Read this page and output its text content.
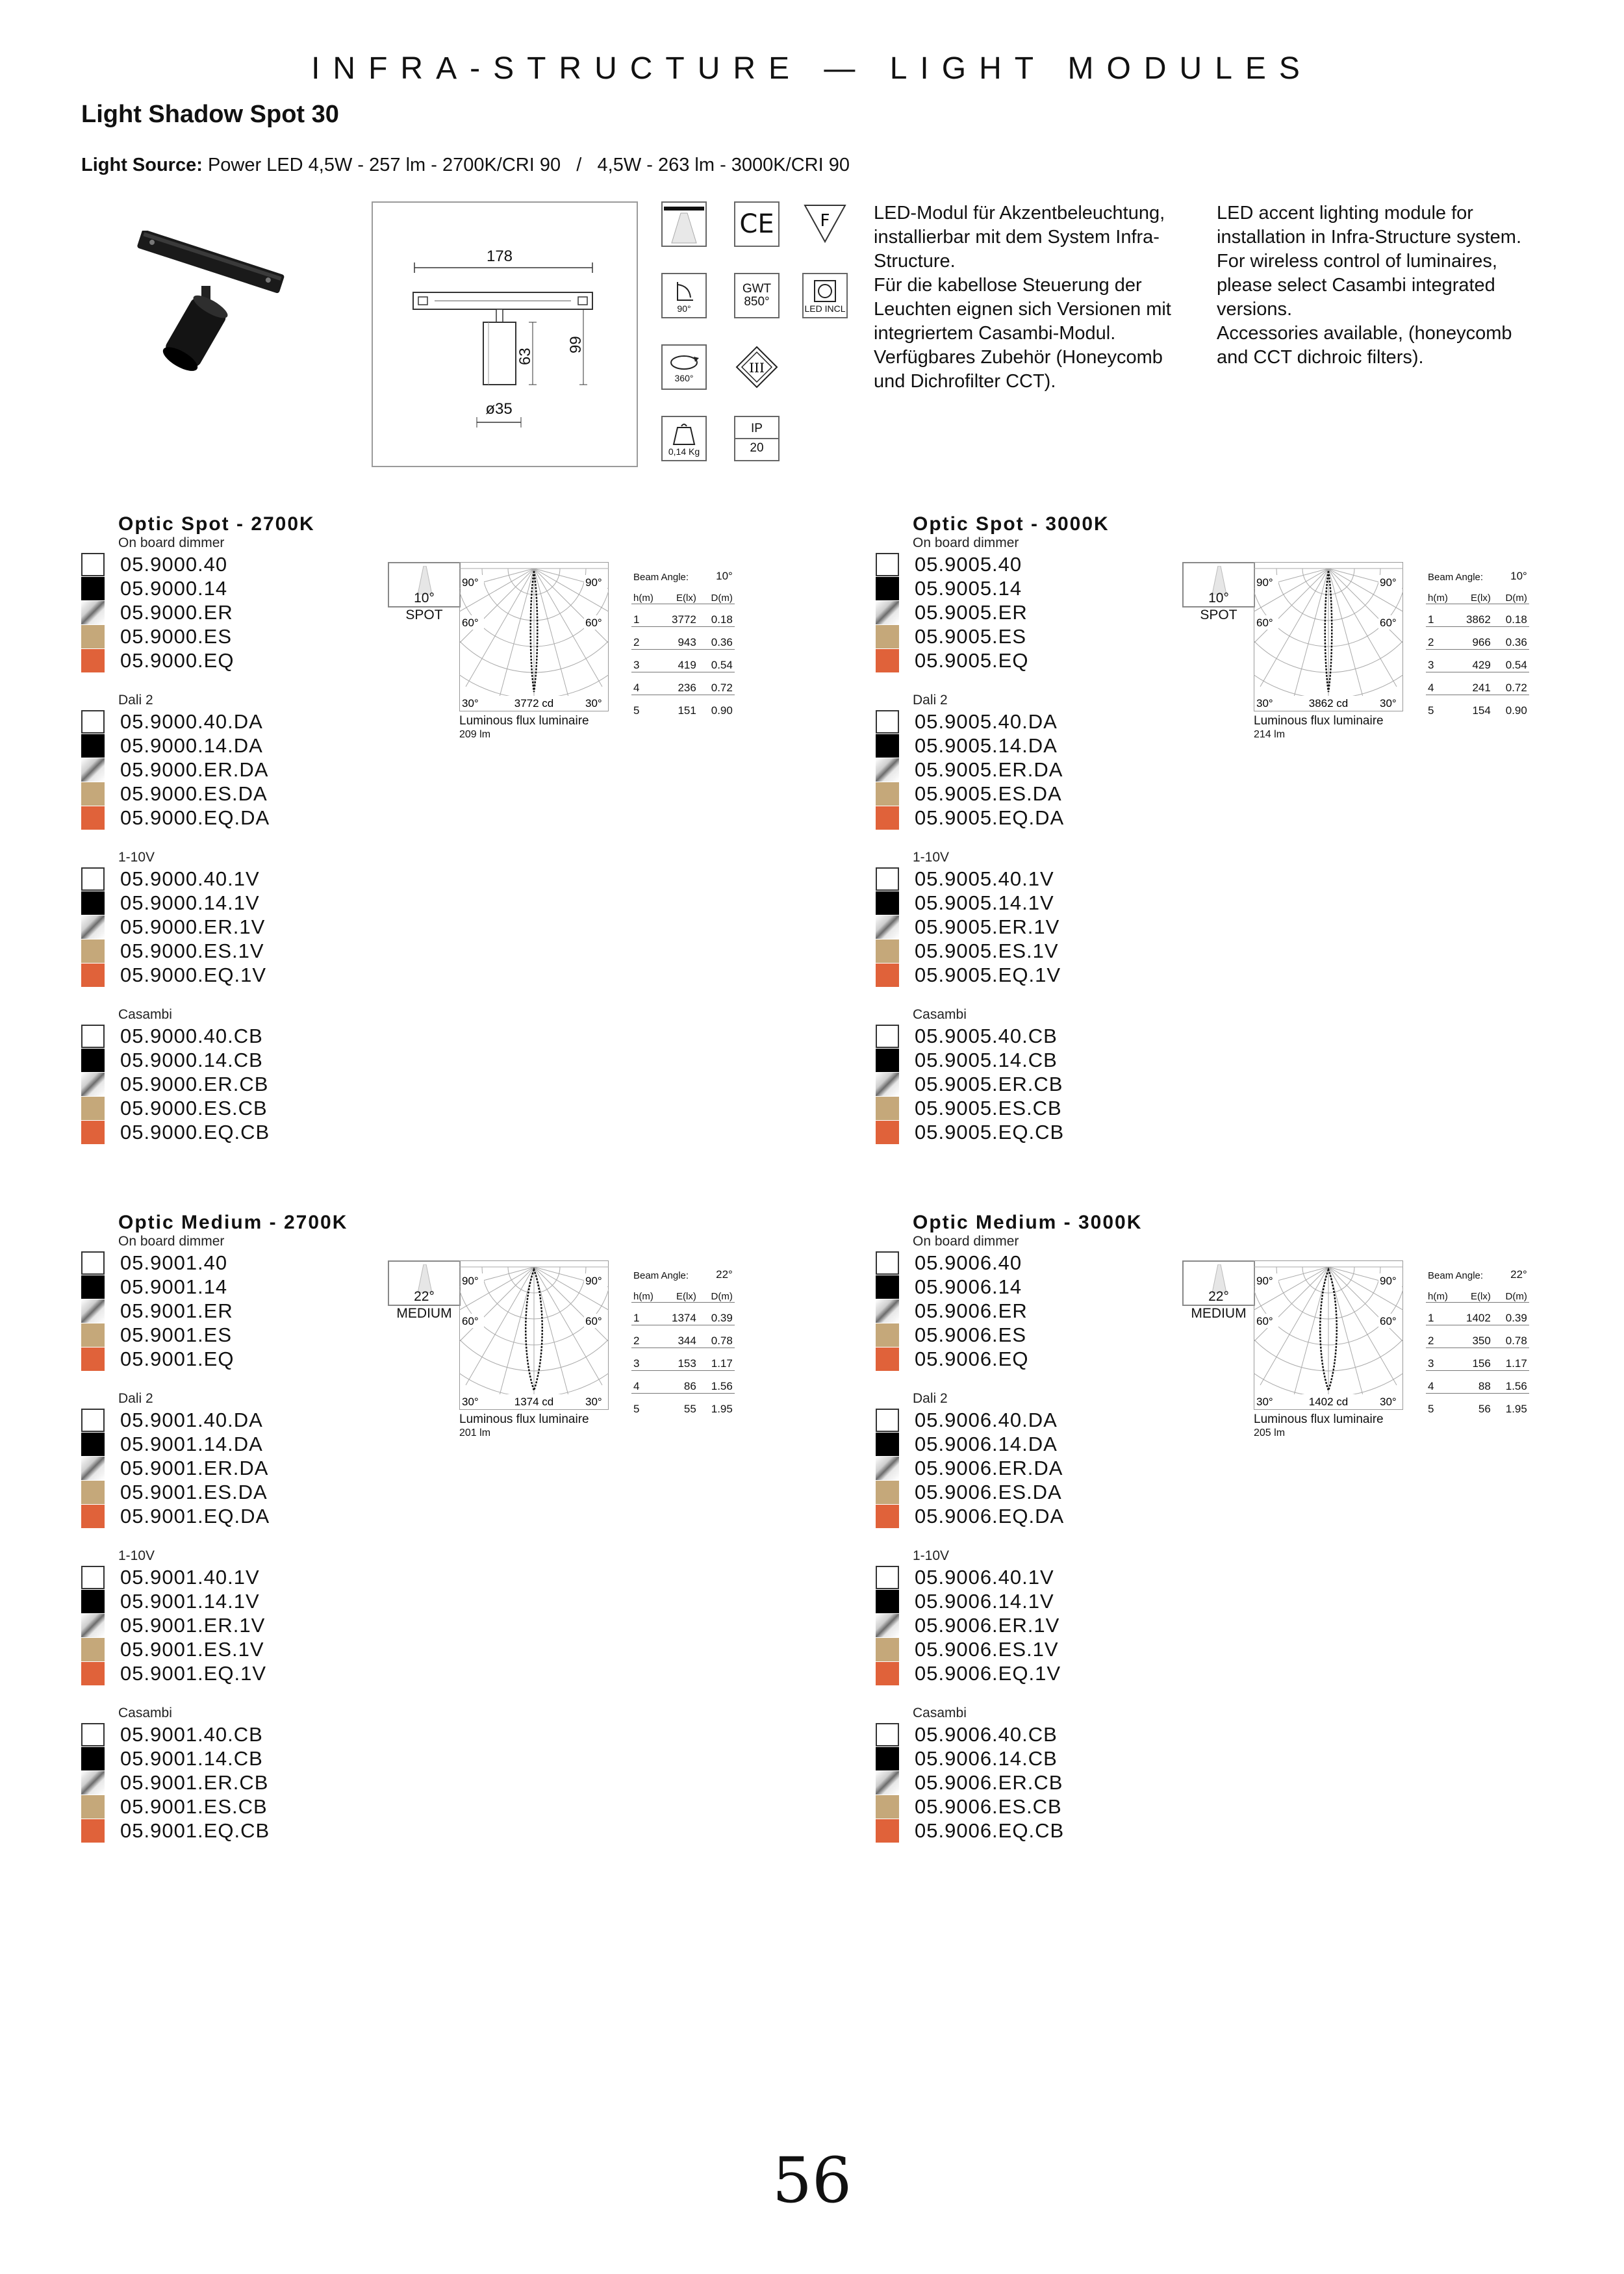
INFRA-STRUCTURE — LIGHT MODULES
Light Shadow Spot 30
Light Source: Power LED 4,5W - 257 lm - 2700K/CRI 90   /   4,5W - 263 lm - 3000K/CRI 90
178
63
99
ø35
CE	F
90°
GWT
850°	LED INCL
360°
III
0,14 Kg
IP
20

LED-Modul für Akzentbeleuchtung,

installierbar mit dem System Infra-

Structure.

Für die kabellose Steuerung der

Leuchten eignen sich Versionen mit

integriertem Casambi-Modul.

Verfügbares Zubehör (Honeycomb

und Dichrofilter CCT).

LED accent lighting module for

installation in Infra-Structure system.

For wireless control of luminaires,

please select Casambi integrated

versions.

Accessories available, (honeycomb

and CCT dichroic filters).

Optic Spot - 2700K
On board dimmer
05.9000.40
05.9000.14
05.9000.ER
05.9000.ES
05.9000.EQ
Dali 2
05.9000.40.DA
05.9000.14.DA
05.9000.ER.DA
05.9000.ES.DA
05.9000.EQ.DA
1-10V
05.9000.40.1V
05.9000.14.1V
05.9000.ER.1V
05.9000.ES.1V
05.9000.EQ.1V
Casambi
05.9000.40.CB
05.9000.14.CB
05.9000.ER.CB
05.9000.ES.CB
05.9000.EQ.CB
10°
SPOT
90°	90°
60°	60°
30°	3772 cd	30°
Luminous flux luminaire
209 lm
Beam Angle:		10°
h(m)	E(lx)	D(m)
1	3772	0.18
2	943	0.36
3	419	0.54
4	236	0.72
5	151	0.90
Optic Spot - 3000K
On board dimmer
05.9005.40
05.9005.14
05.9005.ER
05.9005.ES
05.9005.EQ
Dali 2
05.9005.40.DA
05.9005.14.DA
05.9005.ER.DA
05.9005.ES.DA
05.9005.EQ.DA
1-10V
05.9005.40.1V
05.9005.14.1V
05.9005.ER.1V
05.9005.ES.1V
05.9005.EQ.1V
Casambi
05.9005.40.CB
05.9005.14.CB
05.9005.ER.CB
05.9005.ES.CB
05.9005.EQ.CB
10°
SPOT
90°	90°
60°	60°
30°	3862 cd	30°
Luminous flux luminaire
214 lm
Beam Angle:		10°
h(m)	E(lx)	D(m)
1	3862	0.18
2	966	0.36
3	429	0.54
4	241	0.72
5	154	0.90
Optic Medium - 2700K
On board dimmer
05.9001.40
05.9001.14
05.9001.ER
05.9001.ES
05.9001.EQ
Dali 2
05.9001.40.DA
05.9001.14.DA
05.9001.ER.DA
05.9001.ES.DA
05.9001.EQ.DA
1-10V
05.9001.40.1V
05.9001.14.1V
05.9001.ER.1V
05.9001.ES.1V
05.9001.EQ.1V
Casambi
05.9001.40.CB
05.9001.14.CB
05.9001.ER.CB
05.9001.ES.CB
05.9001.EQ.CB
22°
MEDIUM
90°	90°
60°	60°
30°	1374 cd	30°
Luminous flux luminaire
201 lm
Beam Angle:		22°
h(m)	E(lx)	D(m)
1	1374	0.39
2	344	0.78
3	153	1.17
4	86	1.56
5	55	1.95
Optic Medium - 3000K
On board dimmer
05.9006.40
05.9006.14
05.9006.ER
05.9006.ES
05.9006.EQ
Dali 2
05.9006.40.DA
05.9006.14.DA
05.9006.ER.DA
05.9006.ES.DA
05.9006.EQ.DA
1-10V
05.9006.40.1V
05.9006.14.1V
05.9006.ER.1V
05.9006.ES.1V
05.9006.EQ.1V
Casambi
05.9006.40.CB
05.9006.14.CB
05.9006.ER.CB
05.9006.ES.CB
05.9006.EQ.CB
22°
MEDIUM
90°	90°
60°	60°
30°	1402 cd	30°
Luminous flux luminaire
205 lm
Beam Angle:		22°
h(m)	E(lx)	D(m)
1	1402	0.39
2	350	0.78
3	156	1.17
4	88	1.56
5	56	1.95
56
